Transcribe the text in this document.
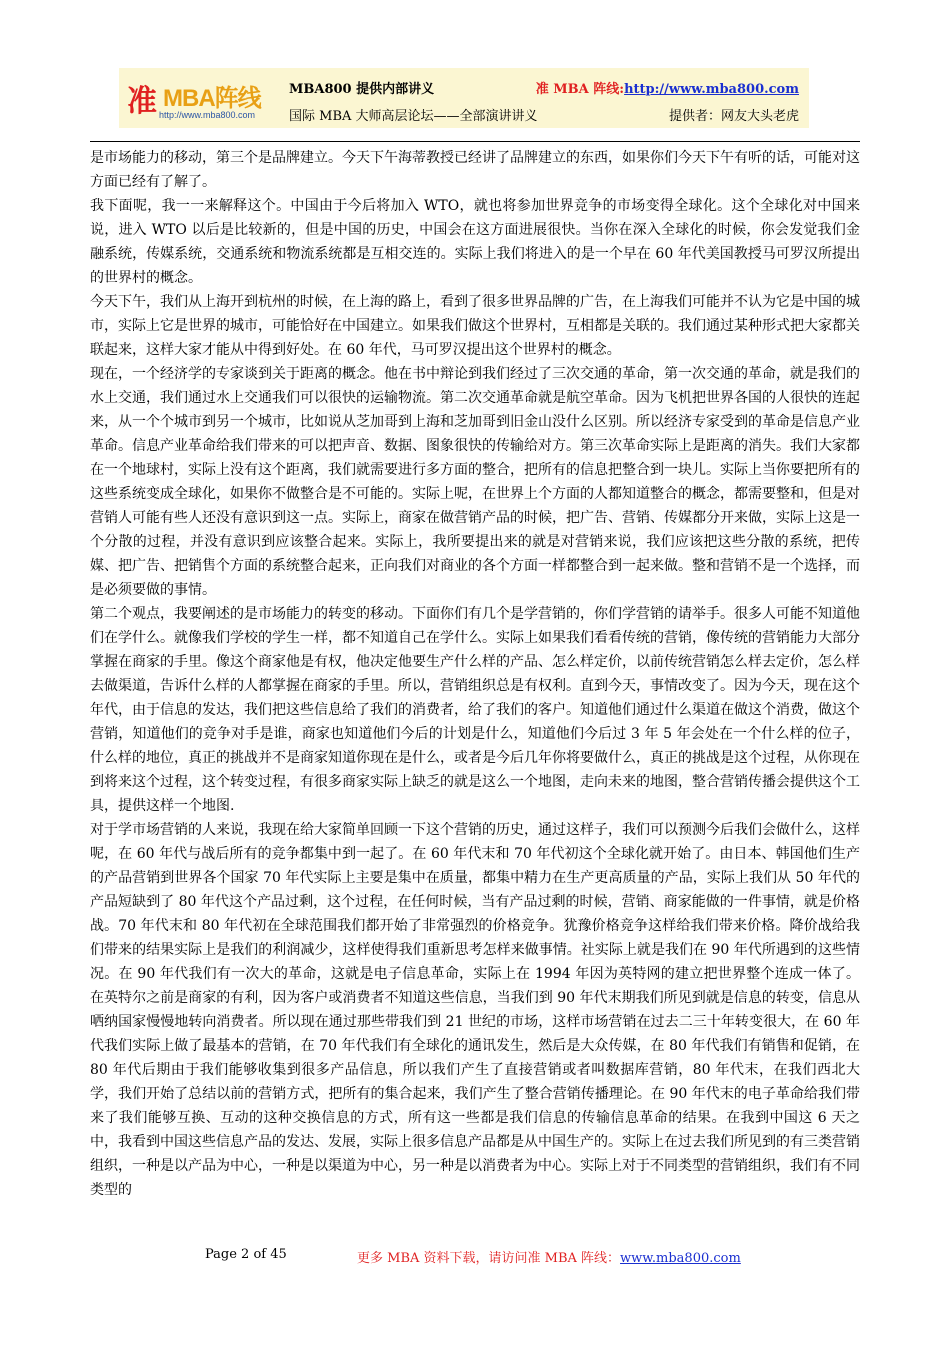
准 MBA阵线
http://www.mba800.com
MBA800 提供内部讲义	准 MBA 阵线:http://www.mba800.com
国际 MBA 大师高层论坛——全部演讲讲义	提供者：网友大头老虎

是市场能力的移动，第三个是品牌建立。今天下午海蒂教授已经讲了品牌建立的东西，如果你们今天下午有听的话，可能对这方面已经有了解了。

我下面呢，我一一来解释这个。中国由于今后将加入 WTO，就也将参加世界竞争的市场变得全球化。这个全球化对中国来说，进入 WTO 以后是比较新的，但是中国的历史，中国会在这方面进展很快。当你在深入全球化的时候，你会发觉我们金融系统，传媒系统，交通系统和物流系统都是互相交连的。实际上我们将进入的是一个早在 60 年代美国教授马可罗汉所提出的世界村的概念。

今天下午，我们从上海开到杭州的时候，在上海的路上，看到了很多世界品牌的广告，在上海我们可能并不认为它是中国的城市，实际上它是世界的城市，可能恰好在中国建立。如果我们做这个世界村，互相都是关联的。我们通过某种形式把大家都关联起来，这样大家才能从中得到好处。在 60 年代，马可罗汉提出这个世界村的概念。

现在，一个经济学的专家谈到关于距离的概念。他在书中辩论到我们经过了三次交通的革命，第一次交通的革命，就是我们的水上交通，我们通过水上交通我们可以很快的运输物流。第二次交通革命就是航空革命。因为飞机把世界各国的人很快的连起来，从一个个城市到另一个城市，比如说从芝加哥到上海和芝加哥到旧金山没什么区别。所以经济专家受到的革命是信息产业革命。信息产业革命给我们带来的可以把声音、数据、图象很快的传输给对方。第三次革命实际上是距离的消失。我们大家都在一个地球村，实际上没有这个距离，我们就需要进行多方面的整合，把所有的信息把整合到一块儿。实际上当你要把所有的这些系统变成全球化，如果你不做整合是不可能的。实际上呢，在世界上个方面的人都知道整合的概念，都需要整和，但是对营销人可能有些人还没有意识到这一点。实际上，商家在做营销产品的时候，把广告、营销、传媒都分开来做，实际上这是一个分散的过程，并没有意识到应该整合起来。实际上，我所要提出来的就是对营销来说，我们应该把这些分散的系统，把传媒、把广告、把销售个方面的系统整合起来，正向我们对商业的各个方面一样都整合到一起来做。整和营销不是一个选择，而是必须要做的事情。

第二个观点，我要阐述的是市场能力的转变的移动。下面你们有几个是学营销的，你们学营销的请举手。很多人可能不知道他们在学什么。就像我们学校的学生一样，都不知道自己在学什么。实际上如果我们看看传统的营销，像传统的营销能力大部分掌握在商家的手里。像这个商家他是有权，他决定他要生产什么样的产品、怎么样定价，以前传统营销怎么样去定价，怎么样去做渠道，告诉什么样的人都掌握在商家的手里。所以，营销组织总是有权利。直到今天，事情改变了。因为今天，现在这个年代，由于信息的发达，我们把这些信息给了我们的消费者，给了我们的客户。知道他们通过什么渠道在做这个消费，做这个营销，知道他们的竞争对手是谁，商家也知道他们今后的计划是什么，知道他们今后过 3 年 5 年会处在一个什么样的位子，什么样的地位，真正的挑战并不是商家知道你现在是什么，或者是今后几年你将要做什么，真正的挑战是这个过程，从你现在到将来这个过程，这个转变过程，有很多商家实际上缺乏的就是这么一个地图，走向未来的地图，整合营销传播会提供这个工具，提供这样一个地图.

对于学市场营销的人来说，我现在给大家简单回顾一下这个营销的历史，通过这样子，我们可以预测今后我们会做什么，这样呢，在 60 年代与战后所有的竞争都集中到一起了。在 60 年代末和 70 年代初这个全球化就开始了。由日本、韩国他们生产的产品营销到世界各个国家 70 年代实际上主要是集中在质量，都集中精力在生产更高质量的产品，实际上我们从 50 年代的产品短缺到了 80 年代这个产品过剩，这个过程，在任何时候，当有产品过剩的时候，营销、商家能做的一件事情，就是价格战。70 年代末和 80 年代初在全球范围我们都开始了非常强烈的价格竞争。犹豫价格竞争这样给我们带来价格。降价战给我们带来的结果实际上是我们的利润减少，这样使得我们重新思考怎样来做事情。社实际上就是我们在 90 年代所遇到的这些情况。在 90 年代我们有一次大的革命，这就是电子信息革命，实际上在 1994 年因为英特网的建立把世界整个连成一体了。在英特尔之前是商家的有利，因为客户或消费者不知道这些信息，当我们到 90 年代末期我们所见到就是信息的转变，信息从哂纳国家慢慢地转向消费者。所以现在通过那些带我们到 21 世纪的市场，这样市场营销在过去二三十年转变很大，在 60 年代我们实际上做了最基本的营销，在 70 年代我们有全球化的通讯发生，然后是大众传媒，在 80 年代我们有销售和促销，在 80 年代后期由于我们能够收集到很多产品信息，所以我们产生了直接营销或者叫数据库营销，80 年代末，在我们西北大学，我们开始了总结以前的营销方式，把所有的集合起来，我们产生了整合营销传播理论。在 90 年代末的电子革命给我们带来了我们能够互换、互动的这种交换信息的方式，所有这一些都是我们信息的传输信息革命的结果。在我到中国这 6 天之中，我看到中国这些信息产品的发达、发展，实际上很多信息产品都是从中国生产的。实际上在过去我们所见到的有三类营销组织，一种是以产品为中心，一种是以渠道为中心，另一种是以消费者为中心。实际上对于不同类型的营销组织，我们有不同类型的

Page 2 of 45	更多 MBA 资料下载，请访问准 MBA 阵线：www.mba800.com
